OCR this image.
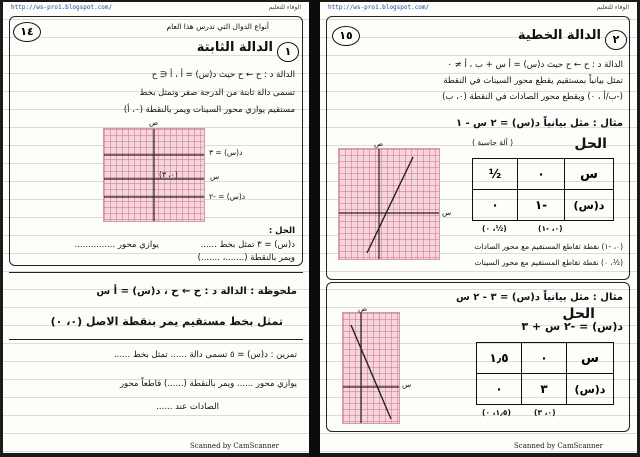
http://ws-pro1.blogspot.com/	الوفاء للتعليم
١٤	أنواع الدوال التي تدرس هذا العام
١
الدالة الثابتة
الدالة د : ح ← ح حيث د(س) = أ ، أ ∈ ح
تسمى دالة ثابتة من الدرجة صفر وتمثل بخط
مستقيم يوازي محور السينات ويمر بالنقطة (٠، أ)
ص
س
د(س) = ٣
د(س) = -٢
(٠، ٣)
الحل :
د(س) = ٣ تمثل بخط ......
يوازي محور ...............
ويمر بالنقطة (.......، .......)
ملحوظة : الدالة د : ح ← ح ، د(س) = أ س
تمثل بخط مستقيم يمر بنقطة الاصل (٠، ٠)
تمرين : د(س) = ٥ تسمى دالة ...... تمثل بخط ......
يوازي محور ...... ويمر بالنقطة (......) قاطعاً محور
الصادات عند ......
Scanned by CamScanner
http://ws-pro1.blogspot.com/	الوفاء للتعليم
١٥	٢
الدالة الخطية
الدالة د : ح ← ح حيث د(س) = أ س + ب ، أ ≠ ٠
تمثل بيانياً بمستقيم يقطع محور السينات في النقطة
(-ب/أ ، ٠) ويقطع محور الصادات في النقطة (٠، ب)
مثال : مثل بيانياً د(س) = ٢ س - ١
( آلة حاسبة )	الحل
ص
س
س	٠	½
د(س)	-١	٠
(٠، -١)
(½، ٠)
(٠، -١) نقطة تقاطع المستقيم مع محور الصادات
(½، ٠) نقطة تقاطع المستقيم مع محور السينات
مثال : مثل بيانياً د(س) = ٣ - ٢ س
الحل
د(س) = -٢ س + ٣
ص
س
س	٠	١٫٥
د(س)	٣	٠
(٠، ٣)
(١٫٥، ٠)
Scanned by CamScanner
